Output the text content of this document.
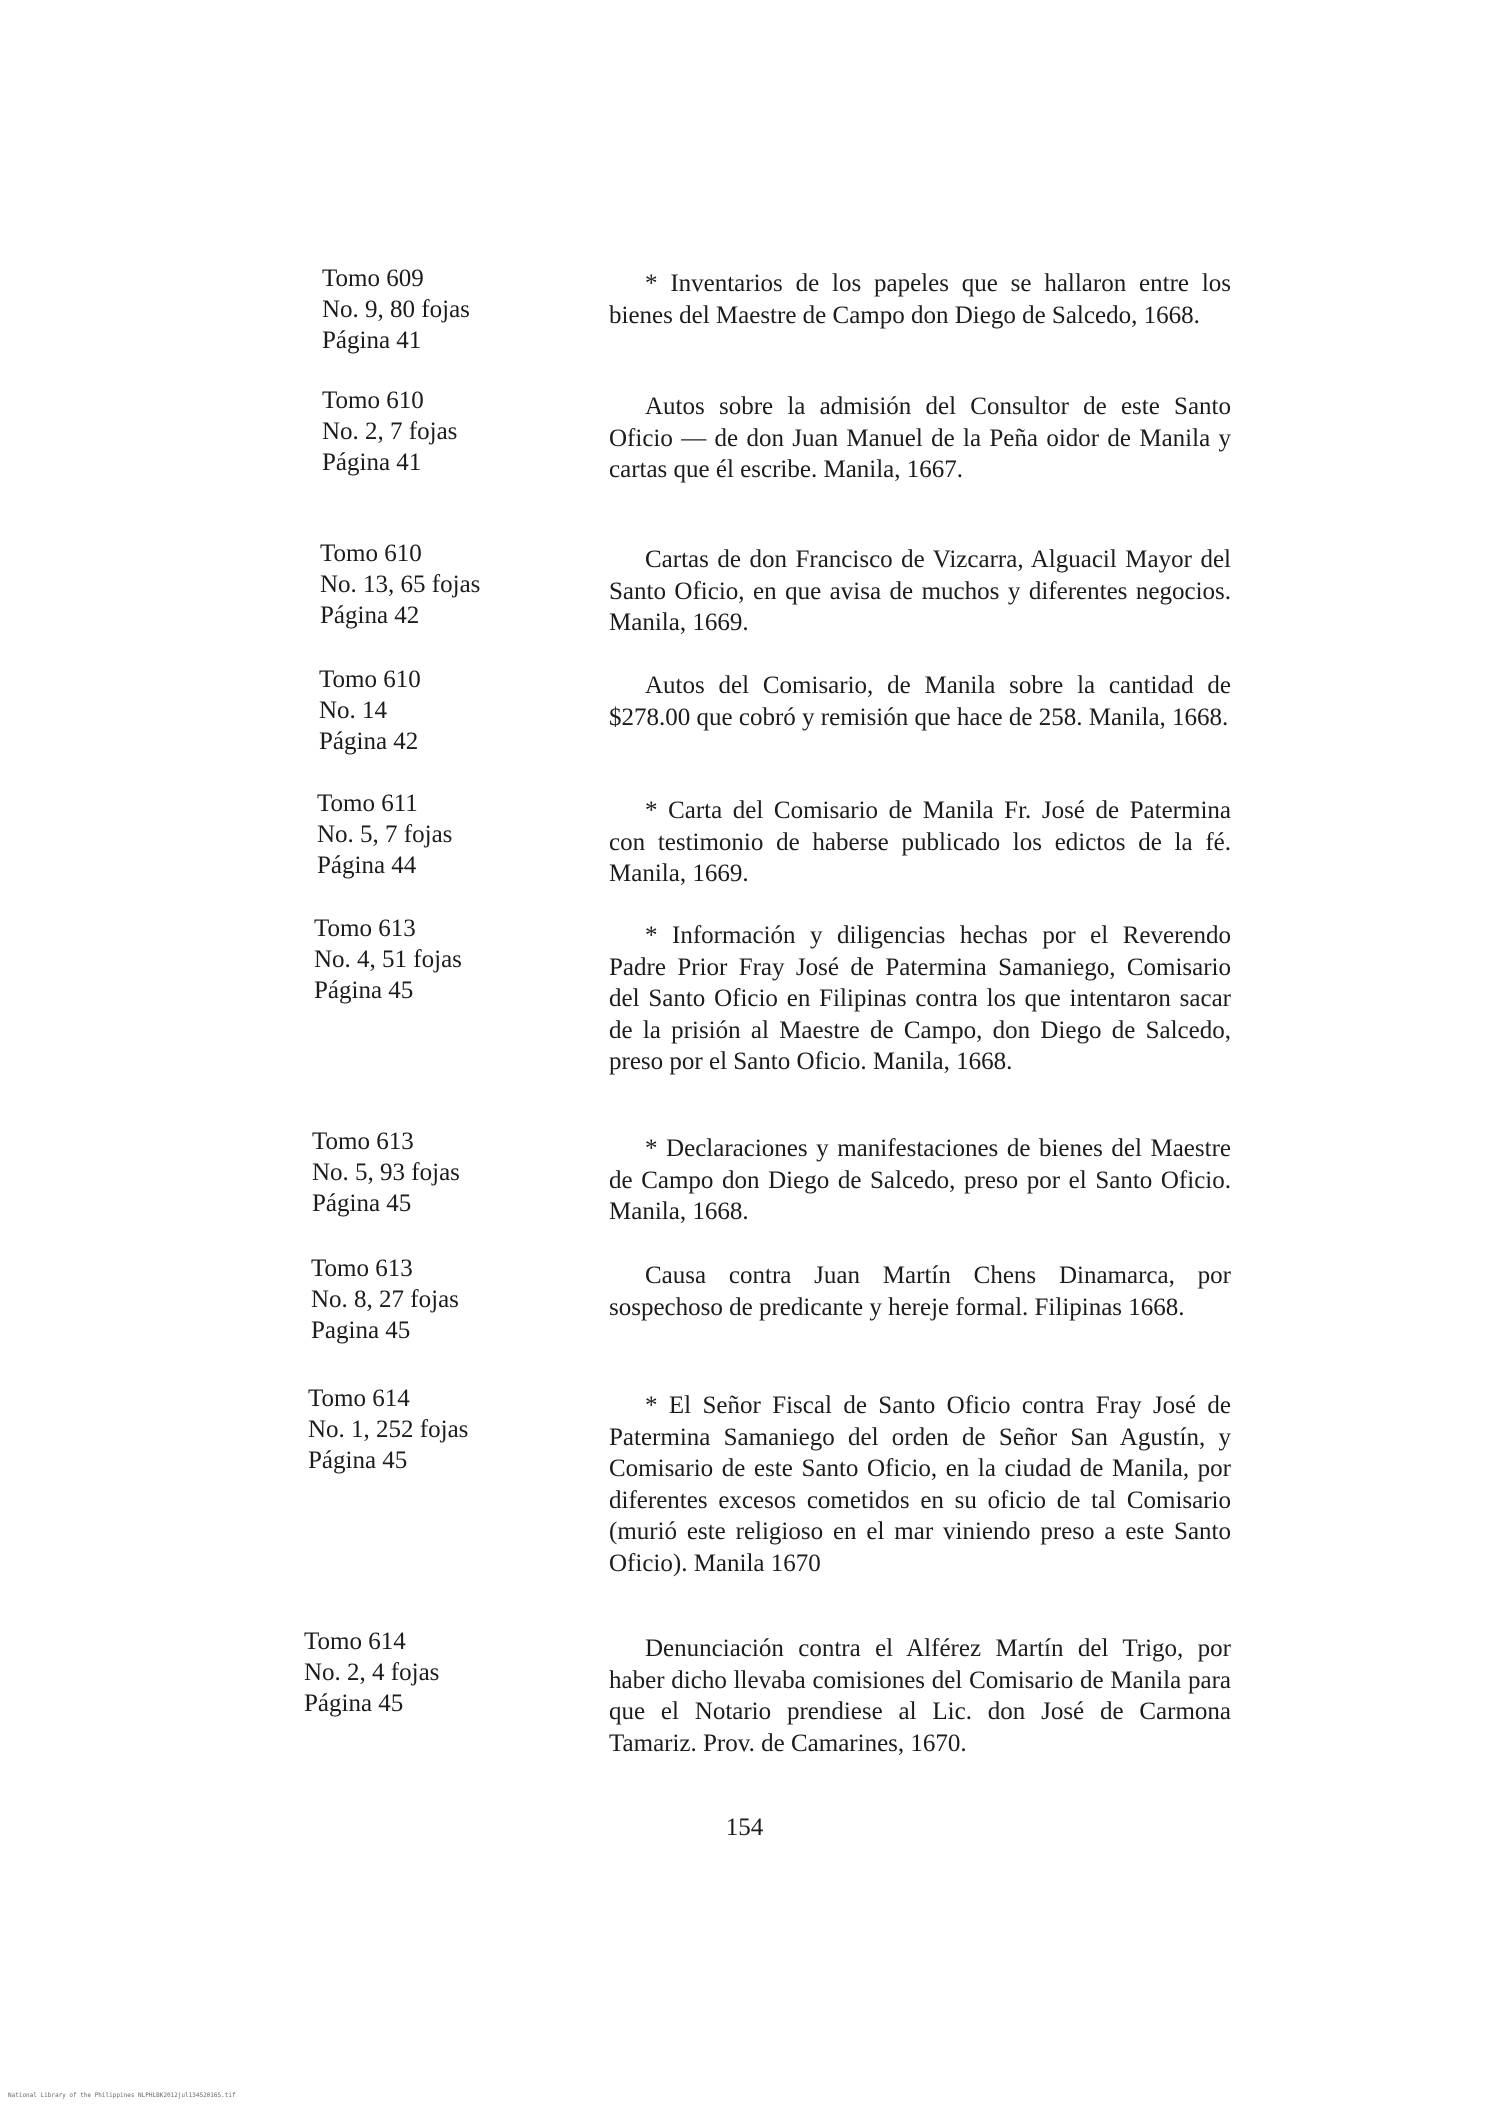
Tomo 609
No. 9, 80 fojas
Página 41
* Inventarios de los papeles que se hallaron entre los bienes del Maestre de Campo don Diego de Salcedo, 1668.
Tomo 610
No. 2, 7 fojas
Página 41
Autos sobre la admisión del Consultor de este Santo Oficio — de don Juan Manuel de la Peña oidor de Manila y cartas que él escribe. Manila, 1667.
Tomo 610
No. 13, 65 fojas
Página 42
Cartas de don Francisco de Vizcarra, Alguacil Mayor del Santo Oficio, en que avisa de muchos y diferentes negocios. Manila, 1669.
Tomo 610
No. 14
Página 42
Autos del Comisario, de Manila sobre la cantidad de $278.00 que cobró y remisión que hace de 258. Manila, 1668.
Tomo 611
No. 5, 7 fojas
Página 44
* Carta del Comisario de Manila Fr. José de Patermina con testimonio de haberse publicado los edictos de la fé. Manila, 1669.
Tomo 613
No. 4, 51 fojas
Página 45
* Información y diligencias hechas por el Reverendo Padre Prior Fray José de Patermina Samaniego, Comisario del Santo Oficio en Filipinas contra los que intentaron sacar de la prisión al Maestre de Campo, don Diego de Salcedo, preso por el Santo Oficio. Manila, 1668.
Tomo 613
No. 5, 93 fojas
Página 45
* Declaraciones y manifestaciones de bienes del Maestre de Campo don Diego de Salcedo, preso por el Santo Oficio. Manila, 1668.
Tomo 613
No. 8, 27 fojas
Pagina 45
Causa contra Juan Martín Chens Dinamarca, por sospechoso de predicante y hereje formal. Filipinas 1668.
Tomo 614
No. 1, 252 fojas
Página 45
* El Señor Fiscal de Santo Oficio contra Fray José de Patermina Samaniego del orden de Señor San Agustín, y Comisario de este Santo Oficio, en la ciudad de Manila, por diferentes excesos cometidos en su oficio de tal Comisario (murió este religioso en el mar viniendo preso a este Santo Oficio). Manila 1670
Tomo 614
No. 2, 4 fojas
Página 45
Denunciación contra el Alférez Martín del Trigo, por haber dicho llevaba comisiones del Comisario de Manila para que el Notario prendiese al Lic. don José de Carmona Tamariz. Prov. de Camarines, 1670.
154
National Library of the Philippines NLPHLBK2012jul13452016S.tif
